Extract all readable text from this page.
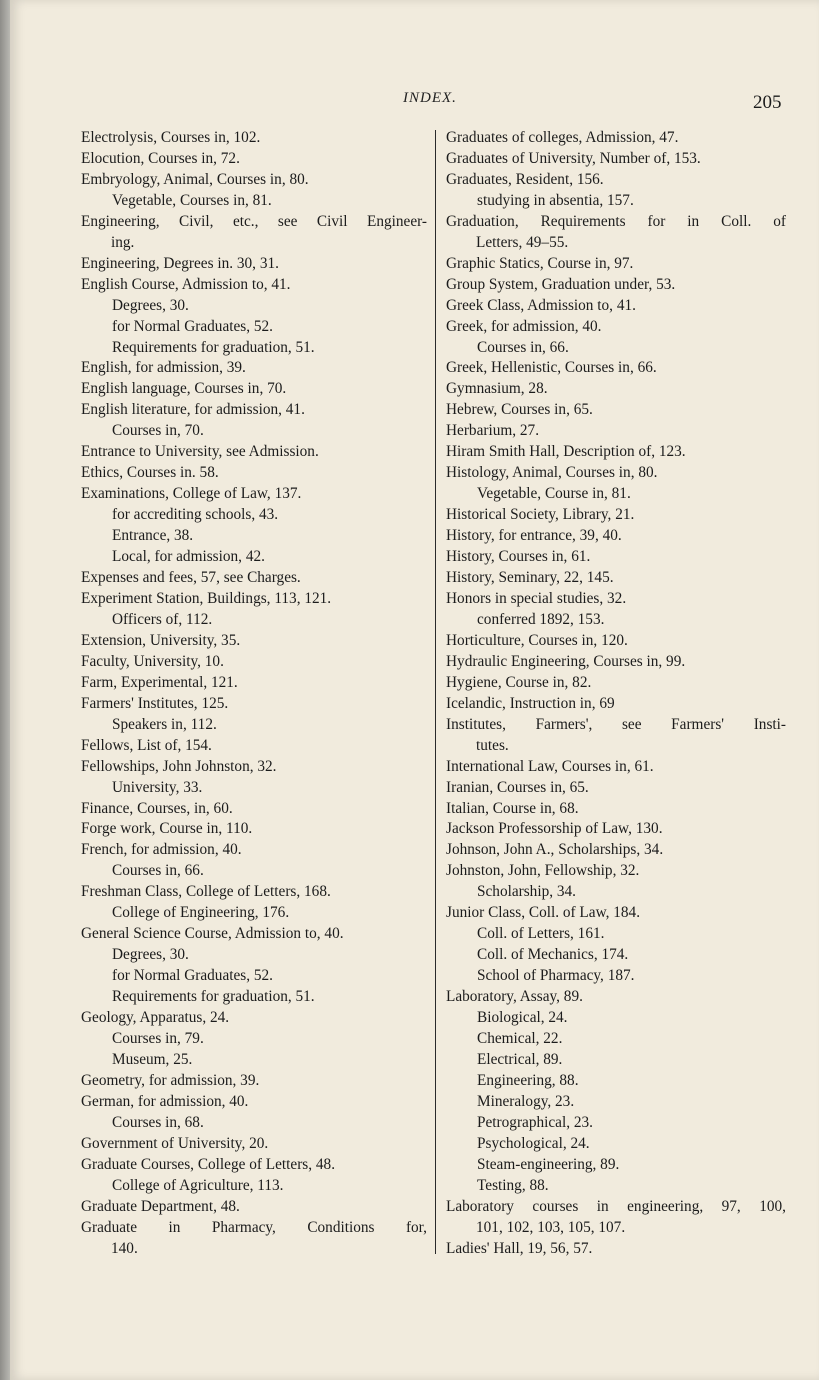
INDEX.	205
Electrolysis, Courses in, 102.
Elocution, Courses in, 72.
Embryology, Animal, Courses in, 80.
Vegetable, Courses in, 81.
Engineering, Civil, etc., see Civil Engineer-
ing.
Engineering, Degrees in. 30, 31.
English Course, Admission to, 41.
Degrees, 30.
for Normal Graduates, 52.
Requirements for graduation, 51.
English, for admission, 39.
English language, Courses in, 70.
English literature, for admission, 41.
Courses in, 70.
Entrance to University, see Admission.
Ethics, Courses in. 58.
Examinations, College of Law, 137.
for accrediting schools, 43.
Entrance, 38.
Local, for admission, 42.
Expenses and fees, 57, see Charges.
Experiment Station, Buildings, 113, 121.
Officers of, 112.
Extension, University, 35.
Faculty, University, 10.
Farm, Experimental, 121.
Farmers' Institutes, 125.
Speakers in, 112.
Fellows, List of, 154.
Fellowships, John Johnston, 32.
University, 33.
Finance, Courses, in, 60.
Forge work, Course in, 110.
French, for admission, 40.
Courses in, 66.
Freshman Class, College of Letters, 168.
College of Engineering, 176.
General Science Course, Admission to, 40.
Degrees, 30.
for Normal Graduates, 52.
Requirements for graduation, 51.
Geology, Apparatus, 24.
Courses in, 79.
Museum, 25.
Geometry, for admission, 39.
German, for admission, 40.
Courses in, 68.
Government of University, 20.
Graduate Courses, College of Letters, 48.
College of Agriculture, 113.
Graduate Department, 48.
Graduate in Pharmacy, Conditions for,
140.
Graduates of colleges, Admission, 47.
Graduates of University, Number of, 153.
Graduates, Resident, 156.
studying in absentia, 157.
Graduation, Requirements for in Coll. of
Letters, 49–55.
Graphic Statics, Course in, 97.
Group System, Graduation under, 53.
Greek Class, Admission to, 41.
Greek, for admission, 40.
Courses in, 66.
Greek, Hellenistic, Courses in, 66.
Gymnasium, 28.
Hebrew, Courses in, 65.
Herbarium, 27.
Hiram Smith Hall, Description of, 123.
Histology, Animal, Courses in, 80.
Vegetable, Course in, 81.
Historical Society, Library, 21.
History, for entrance, 39, 40.
History, Courses in, 61.
History, Seminary, 22, 145.
Honors in special studies, 32.
conferred 1892, 153.
Horticulture, Courses in, 120.
Hydraulic Engineering, Courses in, 99.
Hygiene, Course in, 82.
Icelandic, Instruction in, 69
Institutes, Farmers', see Farmers' Insti-
tutes.
International Law, Courses in, 61.
Iranian, Courses in, 65.
Italian, Course in, 68.
Jackson Professorship of Law, 130.
Johnson, John A., Scholarships, 34.
Johnston, John, Fellowship, 32.
Scholarship, 34.
Junior Class, Coll. of Law, 184.
Coll. of Letters, 161.
Coll. of Mechanics, 174.
School of Pharmacy, 187.
Laboratory, Assay, 89.
Biological, 24.
Chemical, 22.
Electrical, 89.
Engineering, 88.
Mineralogy, 23.
Petrographical, 23.
Psychological, 24.
Steam-engineering, 89.
Testing, 88.
Laboratory courses in engineering, 97, 100,
101, 102, 103, 105, 107.
Ladies' Hall, 19, 56, 57.
